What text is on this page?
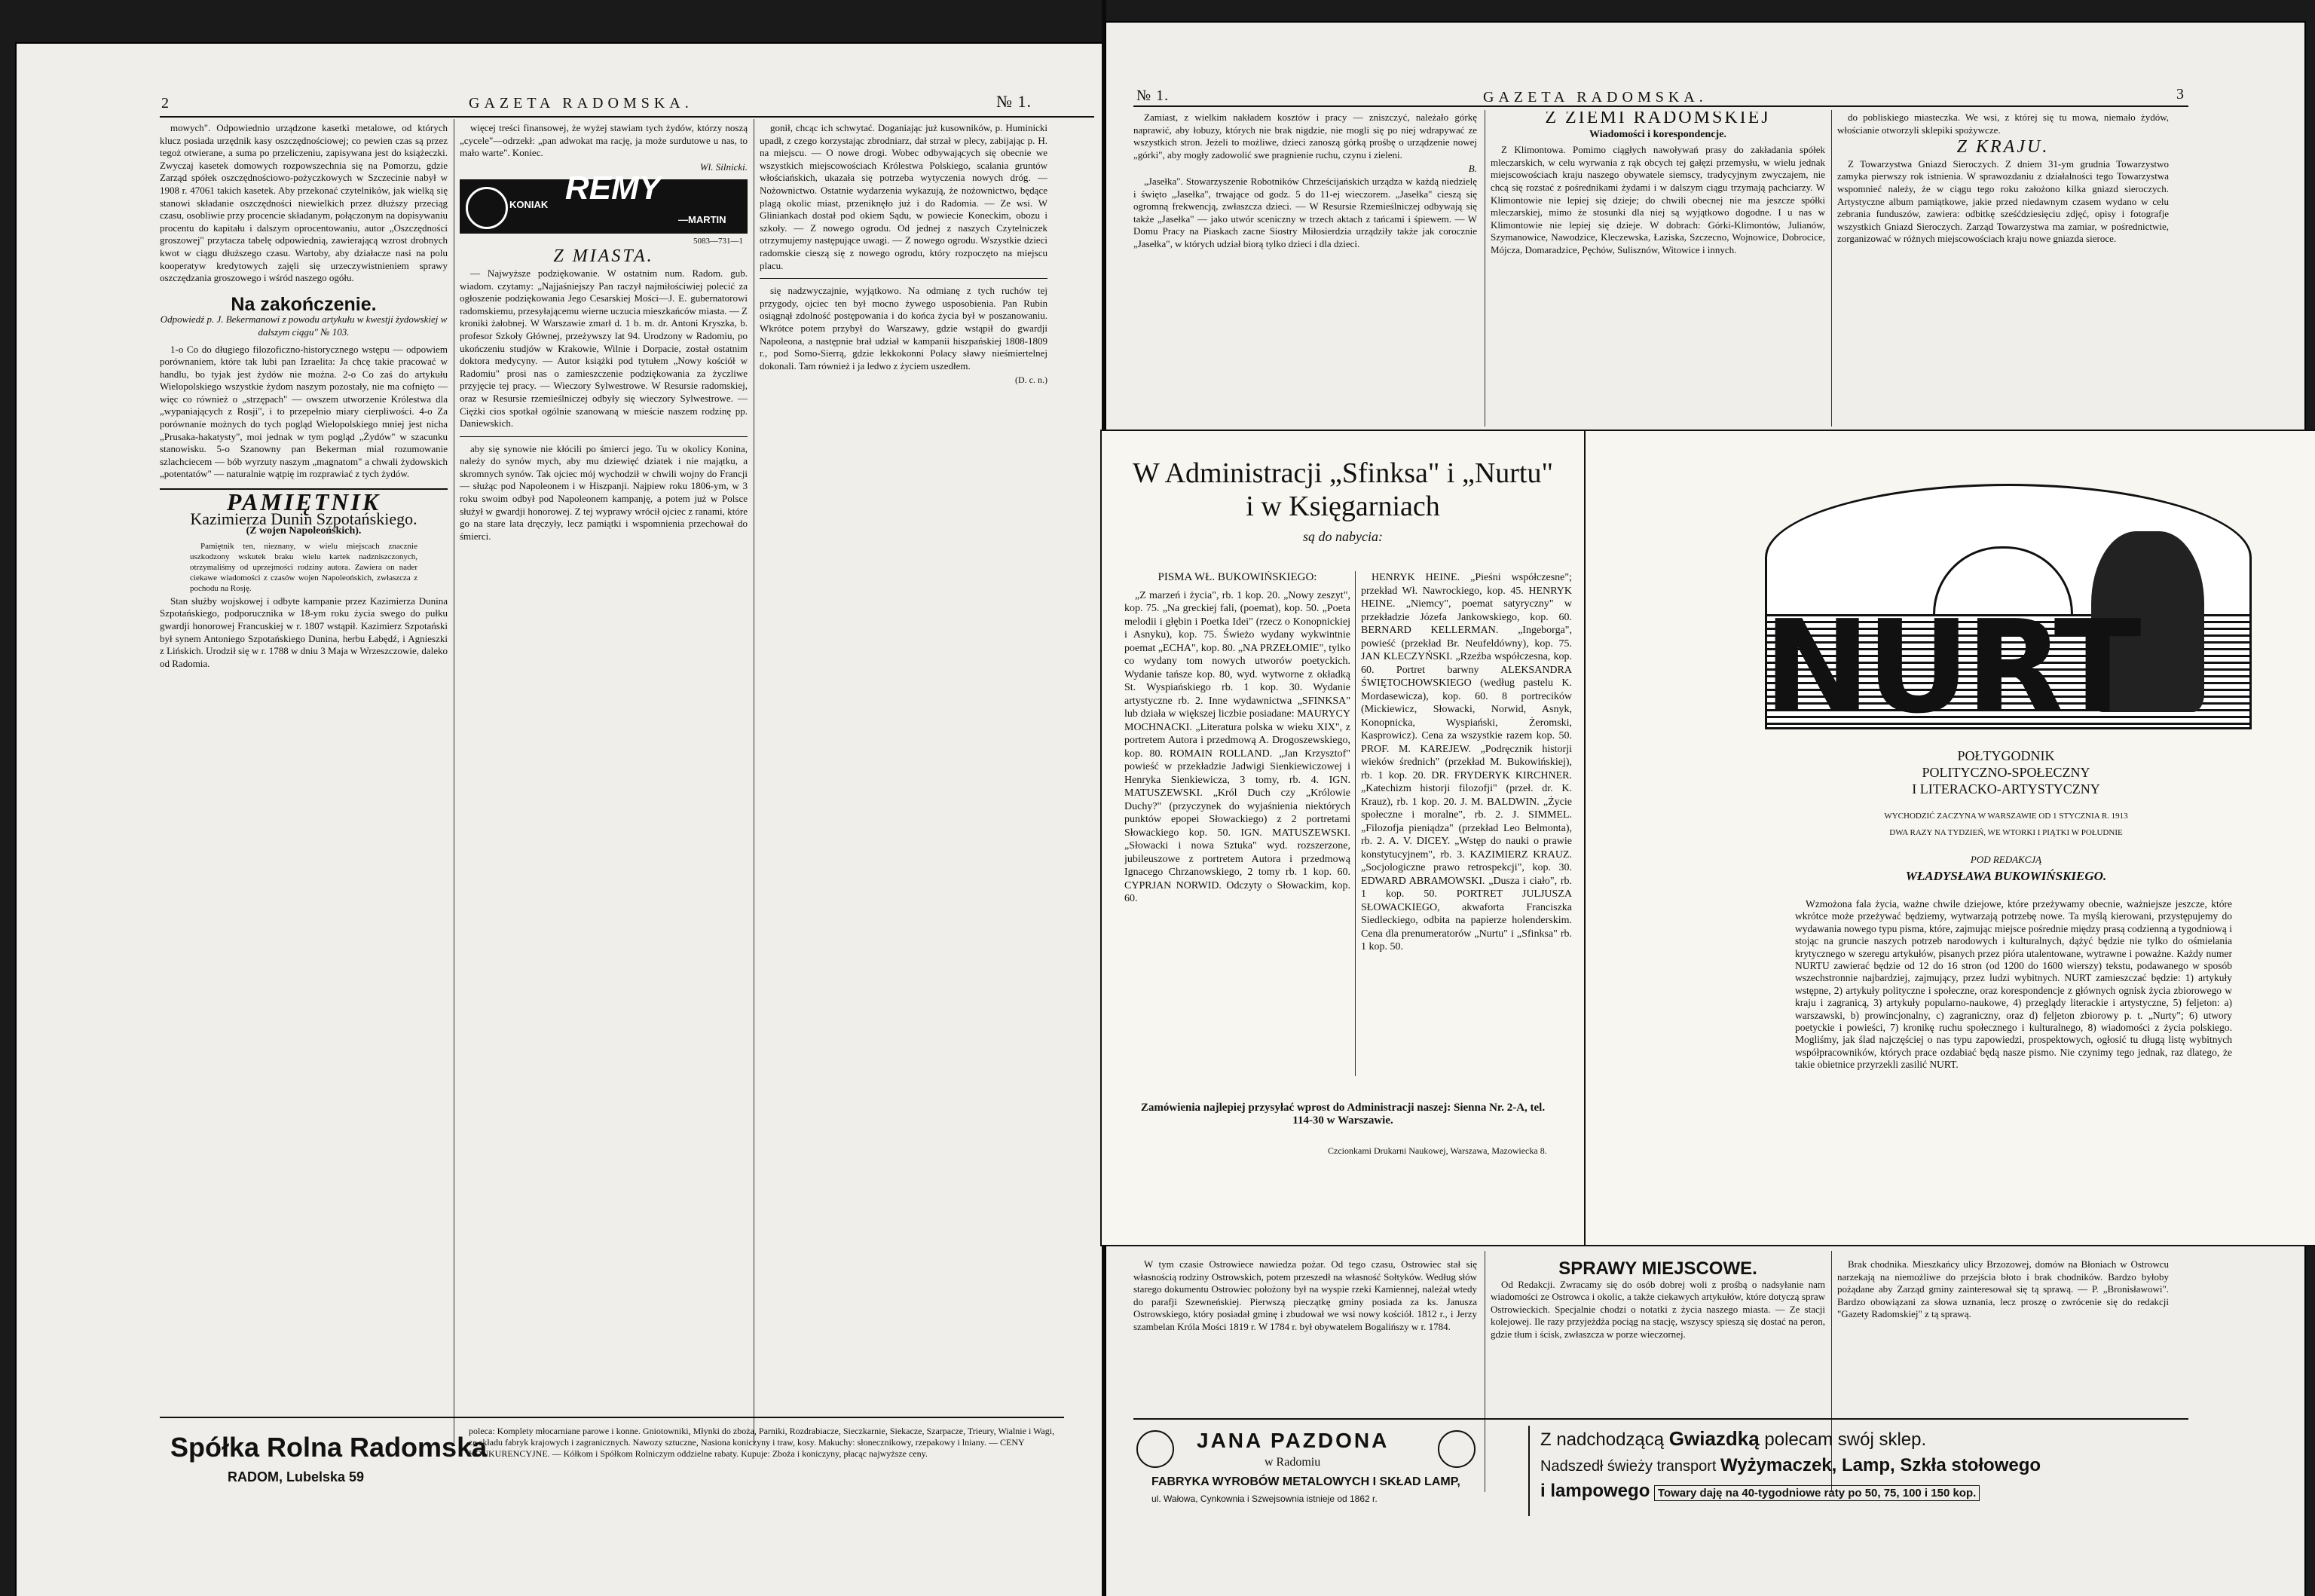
2	GAZETA RADOMSKA.	№ 1.

mowych". Odpowiednio urządzone kasetki metalowe, od których klucz posiada urzędnik kasy oszczędnościowej; co pewien czas są przez tegoż otwierane, a suma po przeliczeniu, zapisywana jest do książeczki. Zwyczaj kasetek domowych rozpowszechnia się na Pomorzu, gdzie Zarząd spółek oszczędnościowo-pożyczkowych w Szczecinie nabył w 1908 r. 47061 takich kasetek. Aby przekonać czytelników, jak wielką się stanowi składanie oszczędności niewielkich przez dłuższy przeciąg czasu, osobliwie przy procencie składanym, połączonym na dopisywaniu procentu do kapitału i dalszym oprocentowaniu, autor „Oszczędności groszowej" przytacza tabelę odpowiednią, zawierającą wzrost drobnych kwot w ciągu dłuższego czasu. Wartoby, aby działacze nasi na polu kooperatyw kredytowych zajęli się urzeczywistnieniem sprawy oszczędzania groszowego i wśród naszego ogółu.

Na zakończenie.
Odpowiedź p. J. Bekermanowi z powodu artykułu w kwestji żydowskiej w dalszym ciągu" № 103.

1-o Co do długiego filozoficzno-historycznego wstępu — odpowiem porównaniem, które tak lubi pan Izraelita: Ja chcę takie pracować w handlu, bo tyjak jest żydów nie można. 2-o Co zaś do artykułu Wielopolskiego wszystkie żydom naszym pozostały, nie ma cofnięto — więc co również o „strzępach" — owszem utworzenie Królestwa dla „wypaniających z Rosji", i to przepełnio miary cierpliwości. 4-o Za porównanie możnych do tych pogląd Wielopolskiego mniej jest nicha „Prusaka-hakatysty", moi jednak w tym pogląd „Żydów" w szacunku stanowisku. 5-o Szanowny pan Bekerman mial rozumowanie szlachciecem — bób wyrzuty naszym „magnatom" a chwali żydowskich „potentatów" — naturalnie wątpię im rozprawiać z tych żydów.

PAMIĘTNIK
Kazimierza Dunin Szpotańskiego.
(Z wojen Napoleońskich).

Pamiętnik ten, nieznany, w wielu miejscach znacznie uszkodzony wskutek braku wielu kartek nadzniszczonych, otrzymaliśmy od uprzejmości rodziny autora. Zawiera on nader ciekawe wiadomości z czasów wojen Napoleońskich, zwłaszcza z pochodu na Rosję.

Stan służby wojskowej i odbyte kampanie przez Kazimierza Dunina Szpotańskiego, podporucznika w 18-ym roku życia swego do pułku gwardji honorowej Francuskiej w r. 1807 wstąpił. Kazimierz Szpotański był synem Antoniego Szpotańskiego Dunina, herbu Łabędź, i Agnieszki z Lińskich. Urodził się w r. 1788 w dniu 3 Maja w Wrzeszczowie, daleko od Radomia.

więcej treści finansowej, że wyżej stawiam tych żydów, którzy noszą „cycele"—odrzekł: „pan adwokat ma rację, ja może surdutowe u nas, to mało warte". Koniec.

Wl. Silnicki.
KONIAK REMY
—MARTIN
5083—731—1
Z MIASTA.

— Najwyższe podziękowanie. W ostatnim num. Radom. gub. wiadom. czytamy: „Najjaśniejszy Pan raczył najmiłościwiej polecić za ogłoszenie podziękowania Jego Cesarskiej Mości—J. E. gubernatorowi radomskiemu, przesyłającemu wierne uczucia mieszkańców miasta. — Z kroniki żałobnej. W Warszawie zmarł d. 1 b. m. dr. Antoni Kryszka, b. profesor Szkoły Głównej, przeżywszy lat 94. Urodzony w Radomiu, po ukończeniu studjów w Krakowie, Wilnie i Dorpacie, został ostatnim doktora medycyny. — Autor książki pod tytułem „Nowy kościół w Radomiu" prosi nas o zamieszczenie podziękowania za życzliwe przyjęcie tej pracy. — Wieczory Sylwestrowe. W Resursie radomskiej, oraz w Resursie rzemieślniczej odbyły się wieczory Sylwestrowe. — Ciężki cios spotkał ogólnie szanowaną w mieście naszem rodzinę pp. Daniewskich.

aby się synowie nie kłócili po śmierci jego. Tu w okolicy Konina, należy do synów mych, aby mu dziewięć dziatek i nie majątku, a skromnych synów. Tak ojciec mój wychodził w chwili wojny do Francji — służąc pod Napoleonem i w Hiszpanji. Najpiew roku 1806-ym, w 3 roku swoim odbył pod Napoleonem kampanję, a potem już w Polsce służył w gwardji honorowej. Z tej wyprawy wrócił ojciec z ranami, które go na stare lata dręczyły, lecz pamiątki i wspomnienia przechował do śmierci.

gonił, chcąc ich schwytać. Doganiając już kusowników, p. Huminicki upadł, z czego korzystając zbrodniarz, dał strzał w plecy, zabijając p. H. na miejscu. — O nowe drogi. Wobec odbywających się obecnie we wszystkich miejscowościach Królestwa Polskiego, scalania gruntów włościańskich, ukazała się potrzeba wytyczenia nowych dróg. — Nożownictwo. Ostatnie wydarzenia wykazują, że nożownictwo, będące plagą okolic miast, przeniknęło już i do Radomia. — Ze wsi. W Gliniankach dostał pod okiem Sądu, w powiecie Koneckim, obozu i szkoły. — Z nowego ogrodu. Od jednej z naszych Czytelniczek otrzymujemy następujące uwagi. — Z nowego ogrodu. Wszystkie dzieci radomskie cieszą się z nowego ogrodu, który rozpoczęto na miejscu placu.

się nadzwyczajnie, wyjątkowo. Na odmianę z tych ruchów tej przygody, ojciec ten był mocno żywego usposobienia. Pan Rubin osiągnął zdolność postępowania i do końca życia był w poszanowaniu. Wkrótce potem przybył do Warszawy, gdzie wstąpił do gwardji Napoleona, a następnie brał udział w kampanii hiszpańskiej 1808-1809 r., pod Somo-Sierrą, gdzie lekkokonni Polacy sławy nieśmiertelnej dokonali. Tam również i ja ledwo z życiem uszedłem.

(D. c. n.)
Spółka Rolna Radomska
RADOM, Lubelska 59
poleca: Komplety młocarniane parowe i konne. Gniotowniki, Młynki do zboża, Parniki, Rozdrabiacze, Sieczkarnie, Siekacze, Szarpacze, Trieury, Wialnie i Wagi, ze składu fabryk krajowych i zagranicznych. Nawozy sztuczne, Nasiona koniczyny i traw, kosy. Makuchy: słonecznikowy, rzepakowy i lniany. — CENY KONKURENCYJNE. — Kółkom i Spółkom Rolniczym oddzielne rabaty. Kupuje: Zboża i koniczyny, płacąc najwyższe ceny.
№ 1.	GAZETA RADOMSKA.	3

Zamiast, z wielkim nakładem kosztów i pracy — zniszczyć, należało górkę naprawić, aby łobuzy, których nie brak nigdzie, nie mogli się po niej wdrapywać ze wszystkich stron. Jeżeli to możliwe, dzieci zanoszą górką prośbę o urządzenie nowej „górki", aby mogły zadowolić swe pragnienie ruchu, czynu i zieleni.

B.

„Jasełka". Stowarzyszenie Robotników Chrześcijańskich urządza w każdą niedzielę i święto „Jasełka", trwające od godz. 5 do 11-ej wieczorem. „Jasełka" cieszą się ogromną frekwencją, zwłaszcza dzieci. — W Resursie Rzemieślniczej odbywają się także „Jasełka" — jako utwór sceniczny w trzech aktach z tańcami i śpiewem. — W Domu Pracy na Piaskach zacne Siostry Miłosierdzia urządziły także jak corocznie „Jasełka", w których udział biorą tylko dzieci i dla dzieci.

Z ZIEMI RADOMSKIEJ
Wiadomości i korespondencje.

Z Klimontowa. Pomimo ciągłych nawoływań prasy do zakładania spółek mleczarskich, w celu wyrwania z rąk obcych tej gałęzi przemysłu, w wielu jednak miejscowościach kraju naszego obywatele siemscy, tradycyjnym zwyczajem, nie chcą się rozstać z pośrednikami żydami i w dalszym ciągu trzymają pachciarzy. W Klimontowie nie lepiej się dzieje; do chwili obecnej nie ma jeszcze spółki mleczarskiej, mimo że stosunki dla niej są wyjątkowo dogodne. I u nas w Klimontowie nie lepiej się dzieje. W dobrach: Górki-Klimontów, Julianów, Szymanowice, Nawodzice, Kleczewska, Łaziska, Szczecno, Wojnowice, Dobrocice, Mójcza, Domaradzice, Pęchów, Sulisznów, Witowice i innych.

do pobliskiego miasteczka. We wsi, z której się tu mowa, niemało żydów, włościanie otworzyli sklepiki spożywcze.

Z KRAJU.

Z Towarzystwa Gniazd Sieroczych. Z dniem 31-ym grudnia Towarzystwo zamyka pierwszy rok istnienia. W sprawozdaniu z działalności tego Towarzystwa wspomnieć należy, że w ciągu tego roku założono kilka gniazd sieroczych. Artystyczne album pamiątkowe, jakie przed niedawnym czasem wydano w celu zebrania funduszów, zawiera: odbitkę sześćdziesięciu zdjęć, opisy i fotografje wszystkich Gniazd Sieroczych. Zarząd Towarzystwa ma zamiar, w pośrednictwie, zorganizować w różnych miejscowościach kraju nowe gniazda sieroce.

W tym czasie Ostrowiece nawiedza pożar. Od tego czasu, Ostrowiec stał się własnością rodziny Ostrowskich, potem przeszedł na własność Sołtyków. Według słów starego dokumentu Ostrowiec położony był na wyspie rzeki Kamiennej, należał wtedy do parafji Szewneńskiej. Pierwszą pieczątkę gminy posiada za ks. Janusza Ostrowskiego, który posiadał gminę i zbudował we wsi nowy kościół. 1812 r., i Jerzy szambelan Króla Mości 1819 r. W 1784 r. był obywatelem Bogalińszy w r. 1784.

SPRAWY MIEJSCOWE.

Od Redakcji. Zwracamy się do osób dobrej woli z prośbą o nadsyłanie nam wiadomości ze Ostrowca i okolic, a także ciekawych artykułów, które dotyczą spraw Ostrowieckich. Specjalnie chodzi o notatki z życia naszego miasta. — Ze stacji kolejowej. Ile razy przyjeżdża pociąg na stację, wszyscy spieszą się dostać na peron, gdzie tłum i ścisk, zwłaszcza w porze wieczornej.

Brak chodnika. Mieszkańcy ulicy Brzozowej, domów na Błoniach w Ostrowcu narzekają na niemożliwe do przejścia błoto i brak chodników. Bardzo byłoby pożądane aby Zarząd gminy zainteresował się tą sprawą. — P. „Bronisławowi". Bardzo obowiązani za słowa uznania, lecz proszę o zwrócenie się do redakcji "Gazety Radomskiej" z tą sprawą.

JANA PAZDONA
w Radomiu
FABRYKA WYROBÓW METALOWYCH I SKŁAD LAMP,
ul. Wałowa, Cynkownia i Szwejsownia istnieje od 1862 r.
Z nadchodzącą Gwiazdką polecam swój sklep.
Nadszedł świeży transport Wyżymaczek, Lamp, Szkła stołowego
i lampowego Towary daję na 40-tygodniowe raty po 50, 75, 100 i 150 kop.
W Administracji „Sfinksa" i „Nurtu"
i w Księgarniach
są do nabycia:
PISMA WŁ. BUKOWIŃSKIEGO:

„Z marzeń i życia", rb. 1 kop. 20. „Nowy zeszyt", kop. 75. „Na greckiej fali, (poemat), kop. 50. „Poeta melodii i głębin i Poetka Idei" (rzecz o Konopnickiej i Asnyku), kop. 75. Świeżo wydany wykwintnie poemat „ECHA", kop. 80. „NA PRZEŁOMIE", tylko co wydany tom nowych utworów poetyckich. Wydanie tańsze kop. 80, wyd. wytworne z okładką St. Wyspiańskiego rb. 1 kop. 30. Wydanie artystyczne rb. 2. Inne wydawnictwa „SFINKSA" lub działa w większej liczbie posiadane: MAURYCY MOCHNACKI. „Literatura polska w wieku XIX", z portretem Autora i przedmową A. Drogoszewskiego, kop. 80. ROMAIN ROLLAND. „Jan Krzysztof" powieść w przekładzie Jadwigi Sienkiewiczowej i Henryka Sienkiewicza, 3 tomy, rb. 4. IGN. MATUSZEWSKI. „Król Duch czy „Królowie Duchy?" (przyczynek do wyjaśnienia niektórych punktów epopei Słowackiego) z 2 portretami Słowackiego kop. 50. IGN. MATUSZEWSKI. „Słowacki i nowa Sztuka" wyd. rozszerzone, jubileuszowe z portretem Autora i przedmową Ignacego Chrzanowskiego, 2 tomy rb. 1 kop. 60. CYPRJAN NORWID. Odczyty o Słowackim, kop. 60.

HENRYK HEINE. „Pieśni współczesne"; przekład Wł. Nawrockiego, kop. 45. HENRYK HEINE. „Niemcy", poemat satyryczny" w przekładzie Józefa Jankowskiego, kop. 60. BERNARD KELLERMAN. „Ingeborga", powieść (przekład Br. Neufeldówny), kop. 75. JAN KLECZYŃSKI. „Rzeźba współczesna, kop. 60. Portret barwny ALEKSANDRA ŚWIĘTOCHOWSKIEGO (według pastelu K. Mordasewicza), kop. 60. 8 portrecików (Mickiewicz, Słowacki, Norwid, Asnyk, Konopnicka, Wyspiański, Żeromski, Kasprowicz). Cena za wszystkie razem kop. 50. PROF. M. KAREJEW. „Podręcznik historji wieków średnich" (przekład M. Bukowińskiej), rb. 1 kop. 20. DR. FRYDERYK KIRCHNER. „Katechizm historji filozofji" (przeł. dr. K. Krauz), rb. 1 kop. 20. J. M. BALDWIN. „Życie społeczne i moralne", rb. 2. J. SIMMEL. „Filozofja pieniądza" (przekład Leo Belmonta), rb. 2. A. V. DICEY. „Wstęp do nauki o prawie konstytucyjnem", rb. 3. KAZIMIERZ KRAUZ. „Socjologiczne prawo retrospekcji", kop. 30. EDWARD ABRAMOWSKI. „Dusza i ciało", rb. 1 kop. 50. PORTRET JULJUSZA SŁOWACKIEGO, akwaforta Franciszka Siedleckiego, odbita na papierze holenderskim. Cena dla prenumeratorów „Nurtu" i „Sfinksa" rb. 1 kop. 50.

Zamówienia najlepiej przysyłać wprost do Administracji naszej: Sienna Nr. 2-A, tel. 114-30 w Warszawie.
Czcionkami Drukarni Naukowej, Warszawa, Mazowiecka 8.
NURT
POŁTYGODNIK
POLITYCZNO-SPOŁECZNY
I LITERACKO-ARTYSTYCZNY
WYCHODZIĆ ZACZYNA W WARSZAWIE OD 1 STYCZNIA R. 1913
DWA RAZY NA TYDZIEŃ, WE WTORKI I PIĄTKI W POŁUDNIE
POD REDAKCJĄ
WŁADYSŁAWA BUKOWIŃSKIEGO.

Wzmożona fala życia, ważne chwile dziejowe, które przeżywamy obecnie, ważniejsze jeszcze, które wkrótce może przeżywać będziemy, wytwarzają potrzebę nowe. Ta myślą kierowani, przystępujemy do wydawania nowego typu pisma, które, zajmując miejsce pośrednie między prasą codzienną a tygodniową i stojąc na gruncie naszych potrzeb narodowych i kulturalnych, dążyć będzie nie tylko do ośmielania krytycznego w szeregu artykułów, pisanych przez pióra utalentowane, wytrawne i poważne. Każdy numer NURTU zawierać będzie od 12 do 16 stron (od 1200 do 1600 wierszy) tekstu, podawanego w sposób wszechstronnie najbardziej, zajmujący, przez ludzi wybitnych. NURT zamieszczać będzie: 1) artykuły wstępne, 2) artykuły polityczne i społeczne, oraz korespondencje z głównych ognisk życia zbiorowego w kraju i zagranicą, 3) artykuły popularno-naukowe, 4) przeglądy literackie i artystyczne, 5) feljeton: a) warszawski, b) prowincjonalny, c) zagraniczny, oraz d) feljeton zbiorowy p. t. „Nurty"; 6) utwory poetyckie i powieści, 7) kronikę ruchu społecznego i kulturalnego, 8) wiadomości z życia polskiego. Mogliśmy, jak ślad najczęściej o nas typu zapowiedzi, prospektowych, ogłosić tu długą listę wybitnych współpracowników, których prace ozdabiać będą nasze pismo. Nie czynimy tego jednak, raz dlatego, że takie obietnice przyrzekli zasilić NURT.
